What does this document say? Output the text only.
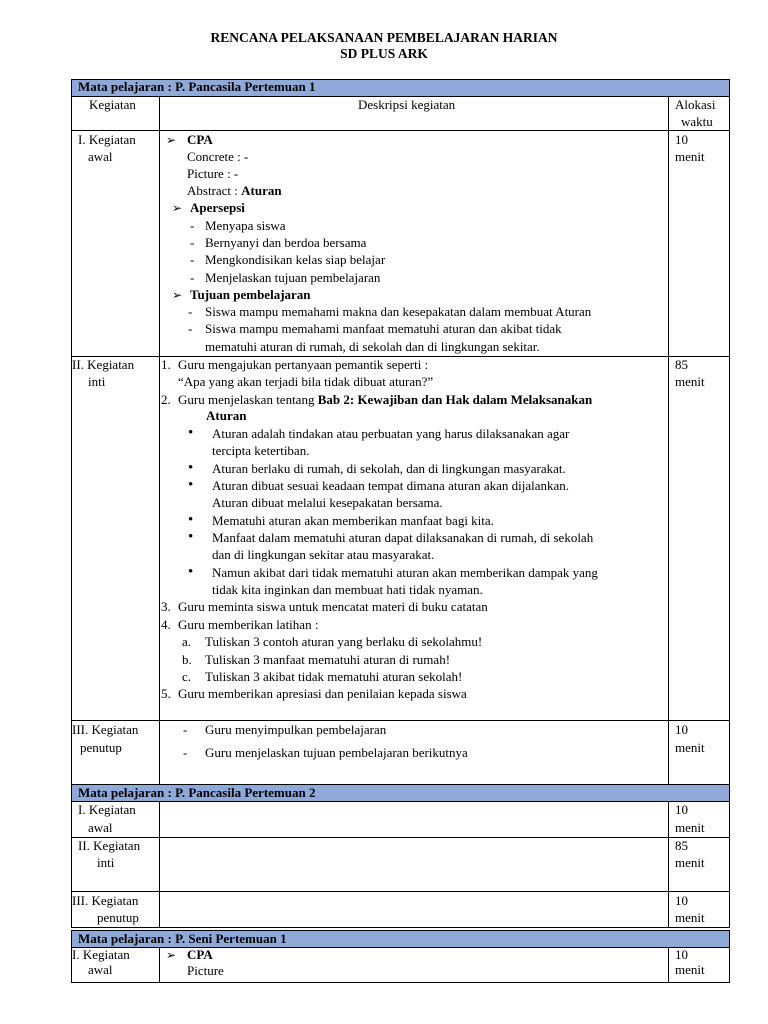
RENCANA PELAKSANAAN PEMBELAJARAN HARIAN
SD PLUS ARK
Mata pelajaran : P. Pancasila Pertemuan 1
Kegiatan	Deskripsi kegiatan	Alokasi
waktu
I. Kegiatan
awal
10
menit
➢ CPA
Concrete : -
Picture : -
Abstract : Aturan
➢ Apersepsi
- Menyapa siswa
- Bernyanyi dan berdoa bersama
- Mengkondisikan kelas siap belajar
- Menjelaskan tujuan pembelajaran
➢ Tujuan pembelajaran
- Siswa mampu memahami makna dan kesepakatan dalam membuat Aturan
- Siswa mampu memahami manfaat mematuhi aturan dan akibat tidak
mematuhi aturan di rumah, di sekolah dan di lingkungan sekitar.
II. Kegiatan
inti
85
menit
1. Guru mengajukan pertanyaan pemantik seperti :
“Apa yang akan terjadi bila tidak dibuat aturan?”
2. Guru menjelaskan tentang Bab 2: Kewajiban dan Hak dalam Melaksanakan
Aturan
• Aturan adalah tindakan atau perbuatan yang harus dilaksanakan agar
tercipta ketertiban.
• Aturan berlaku di rumah, di sekolah, dan di lingkungan masyarakat.
• Aturan dibuat sesuai keadaan tempat dimana aturan akan dijalankan.
Aturan dibuat melalui kesepakatan bersama.
• Mematuhi aturan akan memberikan manfaat bagi kita.
• Manfaat dalam mematuhi aturan dapat dilaksanakan di rumah, di sekolah
dan di lingkungan sekitar atau masyarakat.
• Namun akibat dari tidak mematuhi aturan akan memberikan dampak yang
tidak kita inginkan dan membuat hati tidak nyaman.
3. Guru meminta siswa untuk mencatat materi di buku catatan
4. Guru memberikan latihan :
a. Tuliskan 3 contoh aturan yang berlaku di sekolahmu!
b. Tuliskan 3 manfaat mematuhi aturan di rumah!
c. Tuliskan 3 akibat tidak mematuhi aturan sekolah!
5. Guru memberikan apresiasi dan penilaian kepada siswa
III. Kegiatan
penutup
10
menit
- Guru menyimpulkan pembelajaran
- Guru menjelaskan tujuan pembelajaran berikutnya
Mata pelajaran : P. Pancasila Pertemuan 2
I. Kegiatan
awal
10
menit
II. Kegiatan
inti
85
menit
III. Kegiatan
penutup
10
menit
Mata pelajaran : P. Seni Pertemuan 1
I. Kegiatan
awal
10
menit
➢ CPA
Picture
